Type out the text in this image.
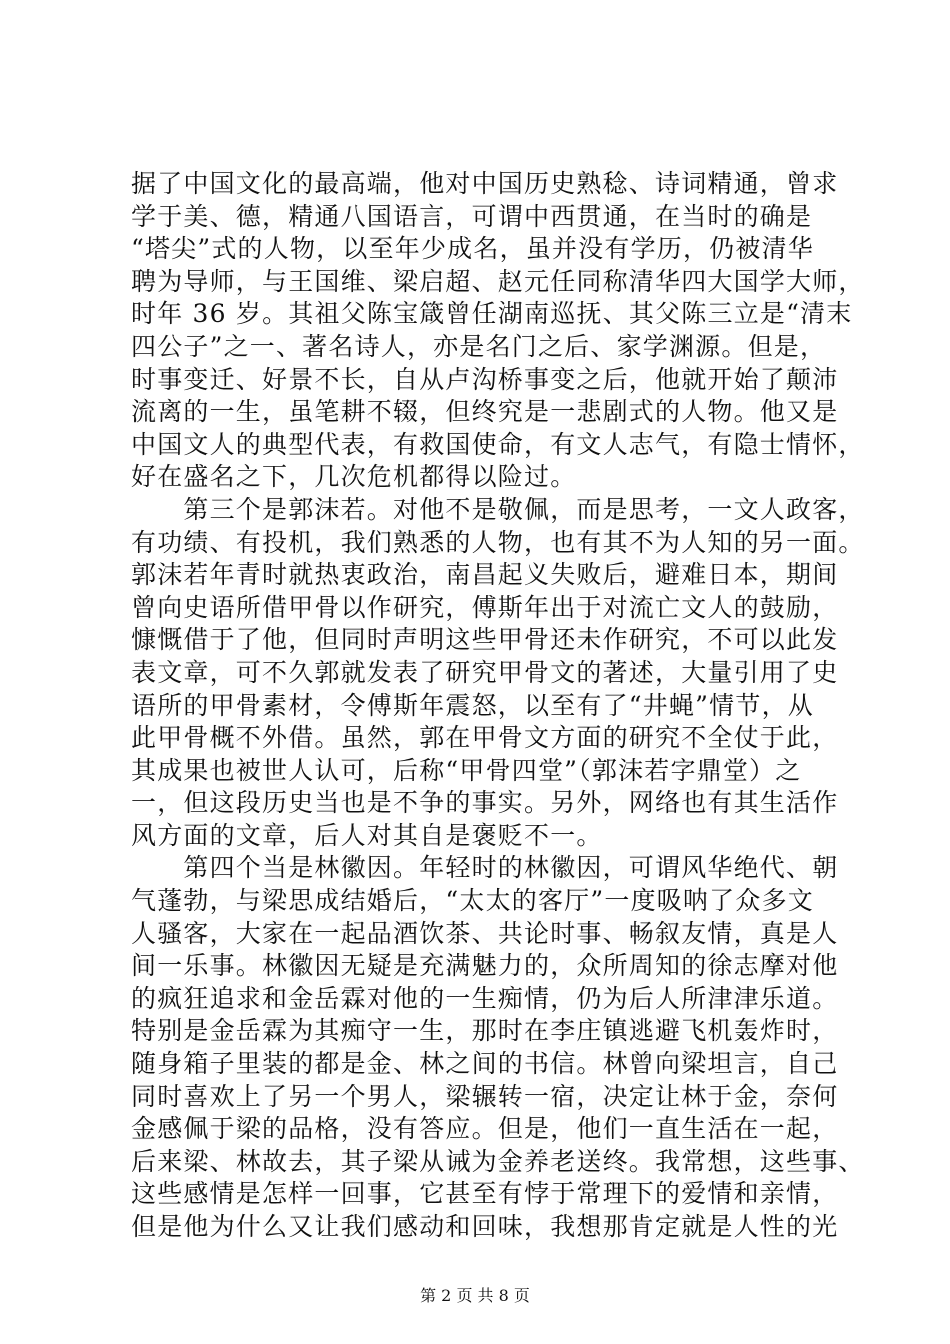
据了中国文化的最高端，他对中国历史熟稔、诗词精通，曾求
学于美、德，精通八国语言，可谓中西贯通，在当时的确是
“塔尖”式的人物，以至年少成名，虽并没有学历，仍被清华
聘为导师，与王国维、梁启超、赵元任同称清华四大国学大师，
时年 36 岁。其祖父陈宝箴曾任湖南巡抚、其父陈三立是“清末
四公子”之一、著名诗人，亦是名门之后、家学渊源。但是，
时事变迁、好景不长，自从卢沟桥事变之后，他就开始了颠沛
流离的一生，虽笔耕不辍，但终究是一悲剧式的人物。他又是
中国文人的典型代表，有救国使命，有文人志气，有隐士情怀，
好在盛名之下，几次危机都得以险过。
　　第三个是郭沫若。对他不是敬佩，而是思考，一文人政客，
有功绩、有投机，我们熟悉的人物，也有其不为人知的另一面。
郭沫若年青时就热衷政治，南昌起义失败后，避难日本，期间
曾向史语所借甲骨以作研究，傅斯年出于对流亡文人的鼓励，
慷慨借于了他，但同时声明这些甲骨还未作研究，不可以此发
表文章，可不久郭就发表了研究甲骨文的著述，大量引用了史
语所的甲骨素材，令傅斯年震怒，以至有了“井蝇”情节，从
此甲骨概不外借。虽然，郭在甲骨文方面的研究不全仗于此，
其成果也被世人认可，后称“甲骨四堂”（郭沫若字鼎堂）之
一，但这段历史当也是不争的事实。另外，网络也有其生活作
风方面的文章，后人对其自是褒贬不一。
　　第四个当是林徽因。年轻时的林徽因，可谓风华绝代、朝
气蓬勃，与梁思成结婚后，“太太的客厅”一度吸呐了众多文
人骚客，大家在一起品酒饮茶、共论时事、畅叙友情，真是人
间一乐事。林徽因无疑是充满魅力的，众所周知的徐志摩对他
的疯狂追求和金岳霖对他的一生痴情，仍为后人所津津乐道。
特别是金岳霖为其痴守一生，那时在李庄镇逃避飞机轰炸时，
随身箱子里装的都是金、林之间的书信。林曾向梁坦言，自己
同时喜欢上了另一个男人，梁辗转一宿，决定让林于金，奈何
金感佩于梁的品格，没有答应。但是，他们一直生活在一起，
后来梁、林故去，其子梁从诫为金养老送终。我常想，这些事、
这些感情是怎样一回事，它甚至有悖于常理下的爱情和亲情，
但是他为什么又让我们感动和回味，我想那肯定就是人性的光
第 2 页 共 8 页
